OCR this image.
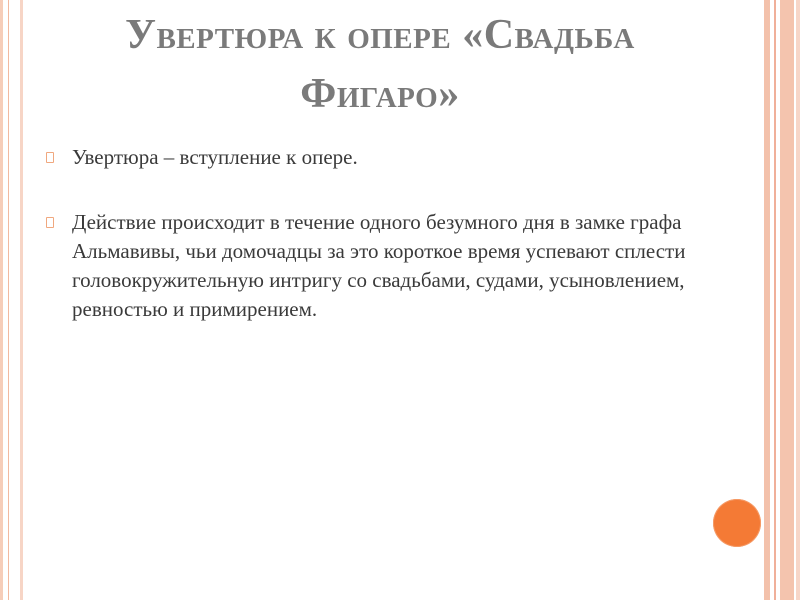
Увертюра к опере «Свадьба Фигаро»
Увертюра – вступление к опере.
Действие происходит в течение одного безумного дня в замке графа Альмавивы, чьи домочадцы за это короткое время успевают сплести головокружительную интригу со свадьбами, судами, усыновлением, ревностью и примирением.
